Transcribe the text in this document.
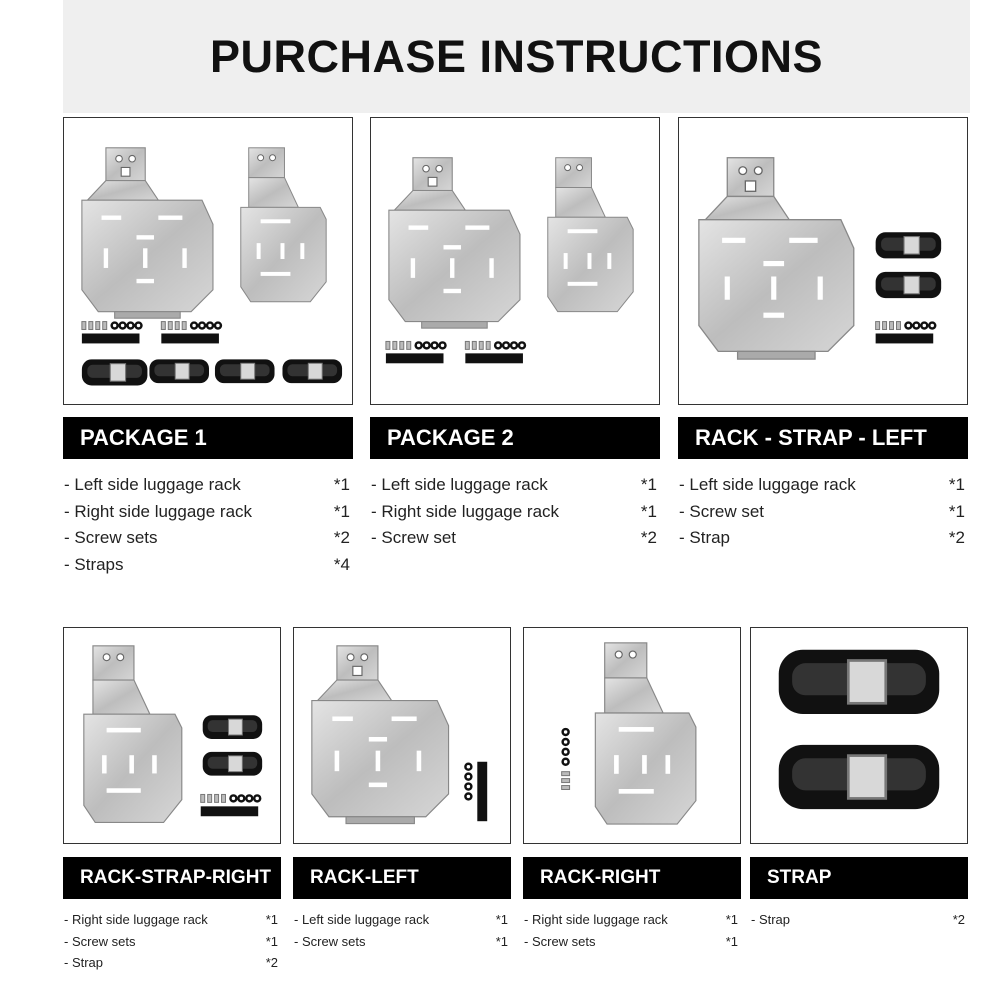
PURCHASE INSTRUCTIONS
PACKAGE 1	PACKAGE 2	RACK - STRAP - LEFT
- Left side luggage rack	*1
- Right side luggage rack	*1
- Screw sets	*2
- Straps	*4
- Left side luggage rack	*1
- Right side luggage rack	*1
- Screw set	*2
- Left side luggage rack	*1
- Screw set	*1
- Strap	*2
RACK-STRAP-RIGHT	RACK-LEFT	RACK-RIGHT	STRAP
- Right side luggage rack	*1
- Screw sets	*1
- Strap	*2
- Left side luggage rack	*1
- Screw sets	*1
- Right side luggage rack	*1
- Screw sets	*1
- Strap	*2
